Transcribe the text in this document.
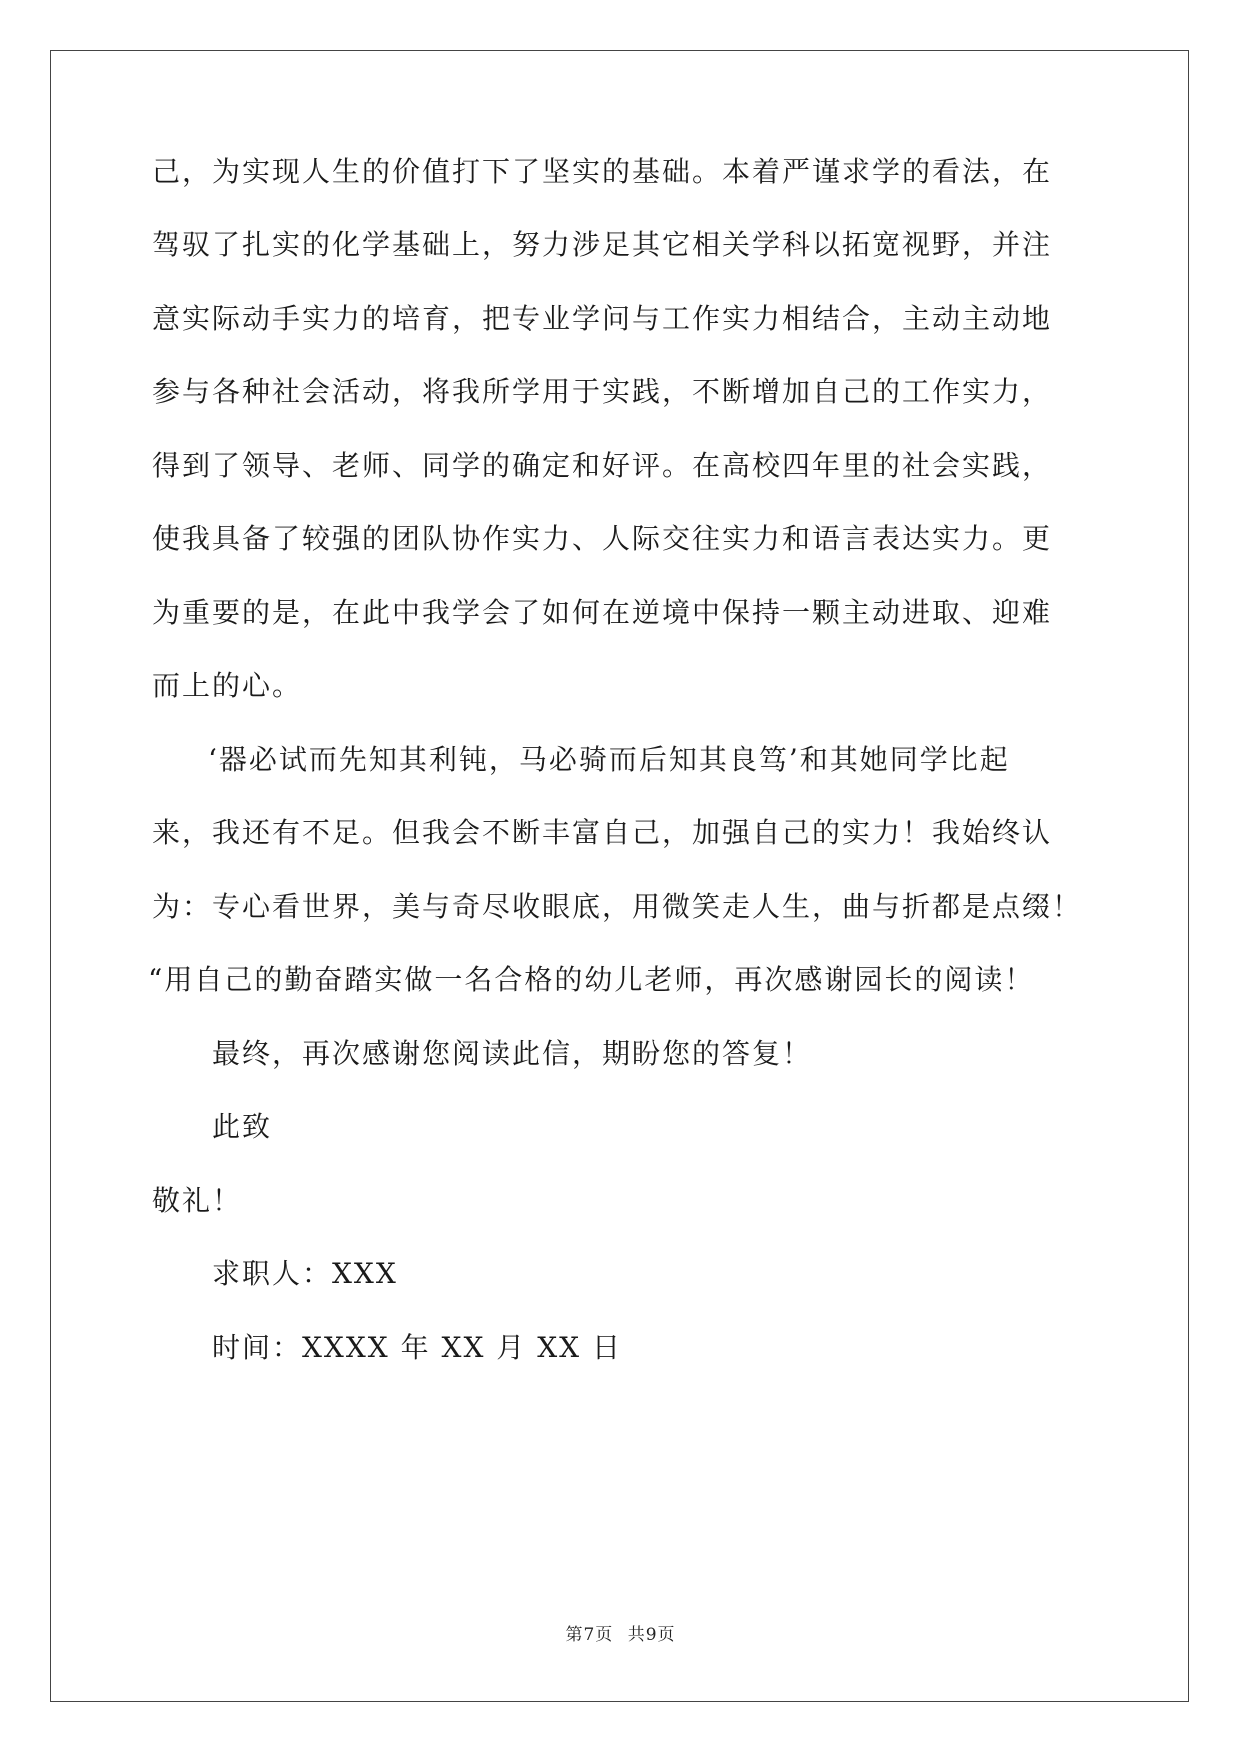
己，为实现人生的价值打下了坚实的基础。本着严谨求学的看法，在
驾驭了扎实的化学基础上，努力涉足其它相关学科以拓宽视野，并注
意实际动手实力的培育，把专业学问与工作实力相结合，主动主动地
参与各种社会活动，将我所学用于实践，不断增加自己的工作实力，
得到了领导、老师、同学的确定和好评。在高校四年里的社会实践，
使我具备了较强的团队协作实力、人际交往实力和语言表达实力。更
为重要的是，在此中我学会了如何在逆境中保持一颗主动进取、迎难
而上的心。
‘器必试而先知其利钝，马必骑而后知其良笃’和其她同学比起
来，我还有不足。但我会不断丰富自己，加强自己的实力！我始终认
为：专心看世界，美与奇尽收眼底，用微笑走人生，曲与折都是点缀！
“用自己的勤奋踏实做一名合格的幼儿老师，再次感谢园长的阅读！
最终，再次感谢您阅读此信，期盼您的答复！
此致
敬礼！
求职人：XXX
时间：XXXX 年 XX 月 XX 日
第7页 共9页
